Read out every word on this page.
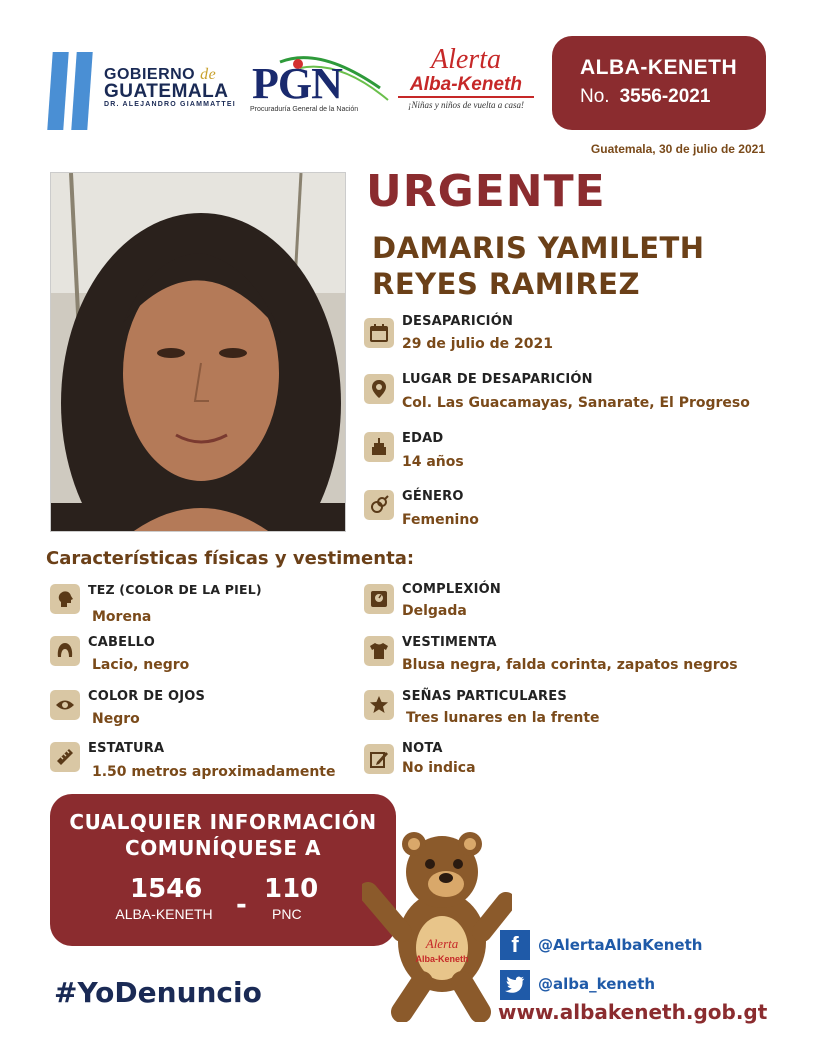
GOBIERNO de
GUATEMALA
DR. ALEJANDRO GIAMMATTEI PGN
Procuraduría General de la Nación
Alerta
Alba-Keneth
¡Niñas y niños de vuelta a casa!
ALBA-KENETH
No. 3556-2021
Guatemala, 30 de julio de 2021
URGENTE
DAMARIS YAMILETH
REYES RAMIREZ
DESAPARICIÓN
29 de julio de 2021
LUGAR DE DESAPARICIÓN
Col. Las Guacamayas, Sanarate, El Progreso
EDAD
14 años
GÉNERO
Femenino
Características físicas y vestimenta:
TEZ (COLOR DE LA PIEL)
Morena
CABELLO
Lacio, negro
COLOR DE OJOS
Negro
ESTATURA
1.50 metros aproximadamente
COMPLEXIÓN
Delgada
VESTIMENTA
Blusa negra, falda corinta, zapatos negros
SEÑAS PARTICULARES
Tres lunares en la frente
NOTA
No indica
CUALQUIER INFORMACIÓN
COMUNÍQUESE A
1546
ALBA-KENETH -
110
PNC
#YoDenuncio
Alerta
Alba-Keneth
f	@AlertaAlbaKeneth
@alba_keneth
www.albakeneth.gob.gt
